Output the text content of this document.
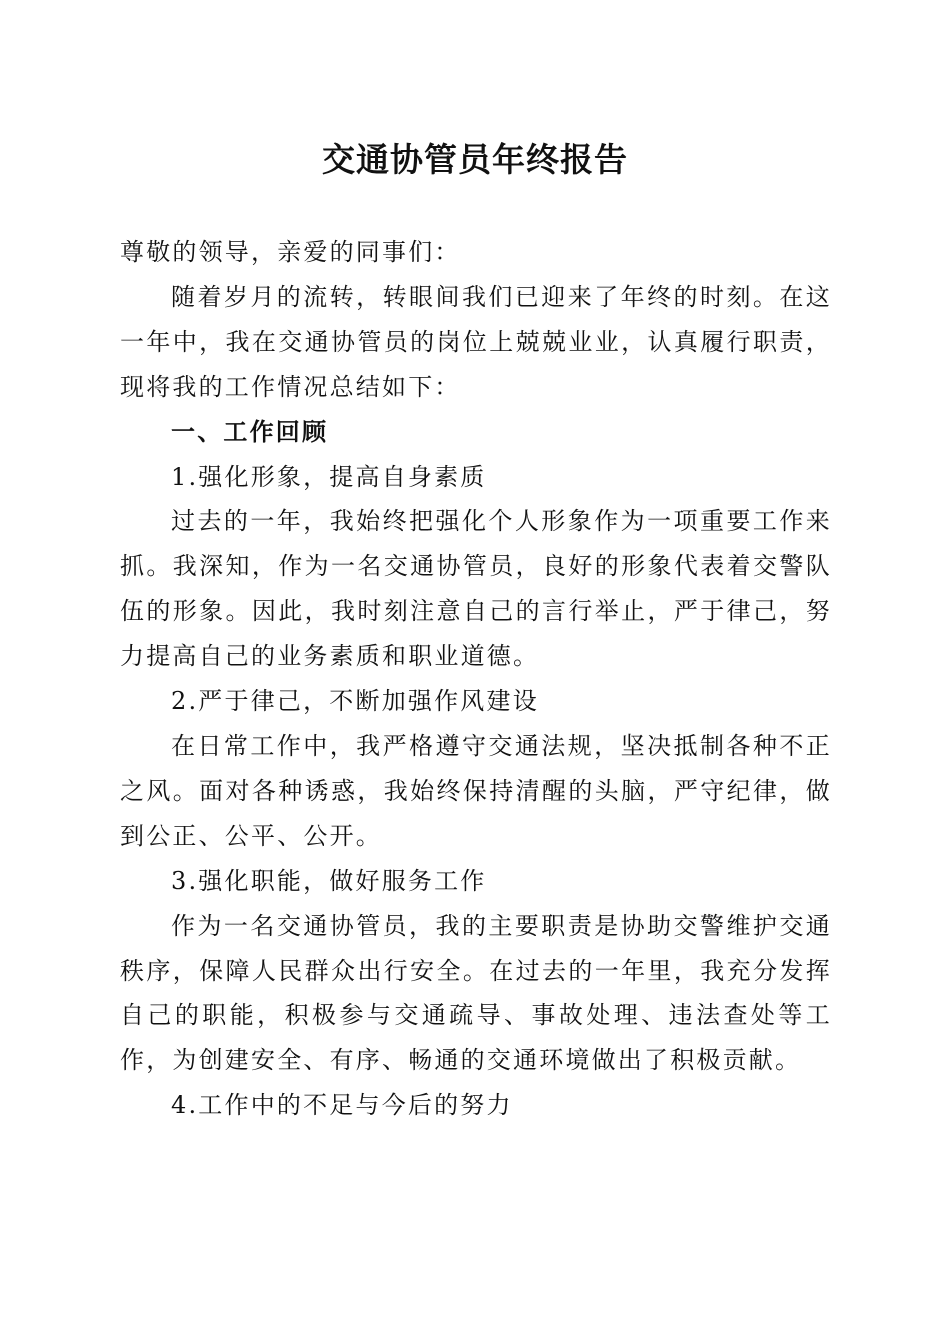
交通协管员年终报告

尊敬的领导，亲爱的同事们：

随着岁月的流转，转眼间我们已迎来了年终的时刻。在这一年中，我在交通协管员的岗位上兢兢业业，认真履行职责，现将我的工作情况总结如下：

一、工作回顾

1.强化形象，提高自身素质

过去的一年，我始终把强化个人形象作为一项重要工作来抓。我深知，作为一名交通协管员，良好的形象代表着交警队伍的形象。因此，我时刻注意自己的言行举止，严于律己，努力提高自己的业务素质和职业道德。

2.严于律己，不断加强作风建设

在日常工作中，我严格遵守交通法规，坚决抵制各种不正之风。面对各种诱惑，我始终保持清醒的头脑，严守纪律，做到公正、公平、公开。

3.强化职能，做好服务工作

作为一名交通协管员，我的主要职责是协助交警维护交通秩序，保障人民群众出行安全。在过去的一年里，我充分发挥自己的职能，积极参与交通疏导、事故处理、违法查处等工作，为创建安全、有序、畅通的交通环境做出了积极贡献。

4.工作中的不足与今后的努力
